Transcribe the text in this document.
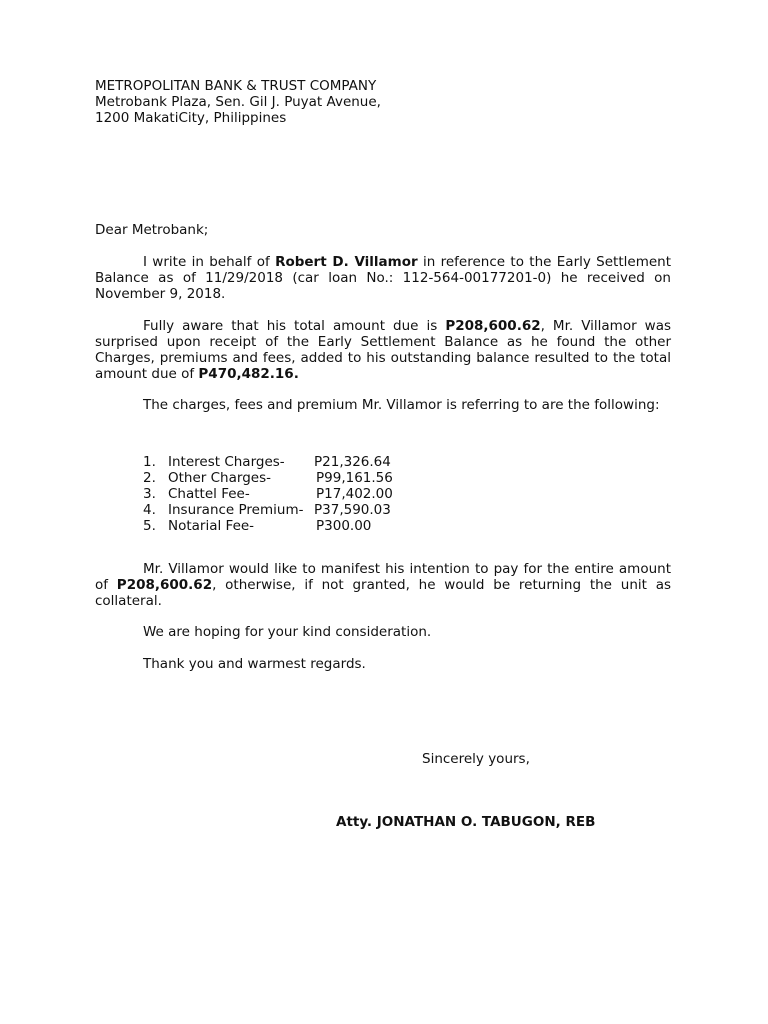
METROPOLITAN BANK & TRUST COMPANY
Metrobank Plaza, Sen. Gil J. Puyat Avenue,
1200 MakatiCity, Philippines
Dear Metrobank;
I write in behalf of Robert D. Villamor in reference to the Early Settlement Balance as of 11/29/2018 (car loan No.: 112-564-00177201-0) he received on November 9, 2018.
Fully aware that his total amount due is P208,600.62, Mr. Villamor was surprised upon receipt of the Early Settlement Balance as he found the other Charges, premiums and fees, added to his outstanding balance resulted to the total amount due of P470,482.16.
The charges, fees and premium Mr. Villamor is referring to are the following:
1. Interest Charges- P21,326.64
2. Other Charges-	P99,161.56
3. Chattel Fee-	P17,402.00
4. Insurance Premium- P37,590.03
5. Notarial Fee-	P300.00
Mr. Villamor would like to manifest his intention to pay for the entire amount of P208,600.62, otherwise, if not granted, he would be returning the unit as collateral.
We are hoping for your kind consideration.
Thank you and warmest regards.
Sincerely yours,
Atty. JONATHAN O. TABUGON, REB
